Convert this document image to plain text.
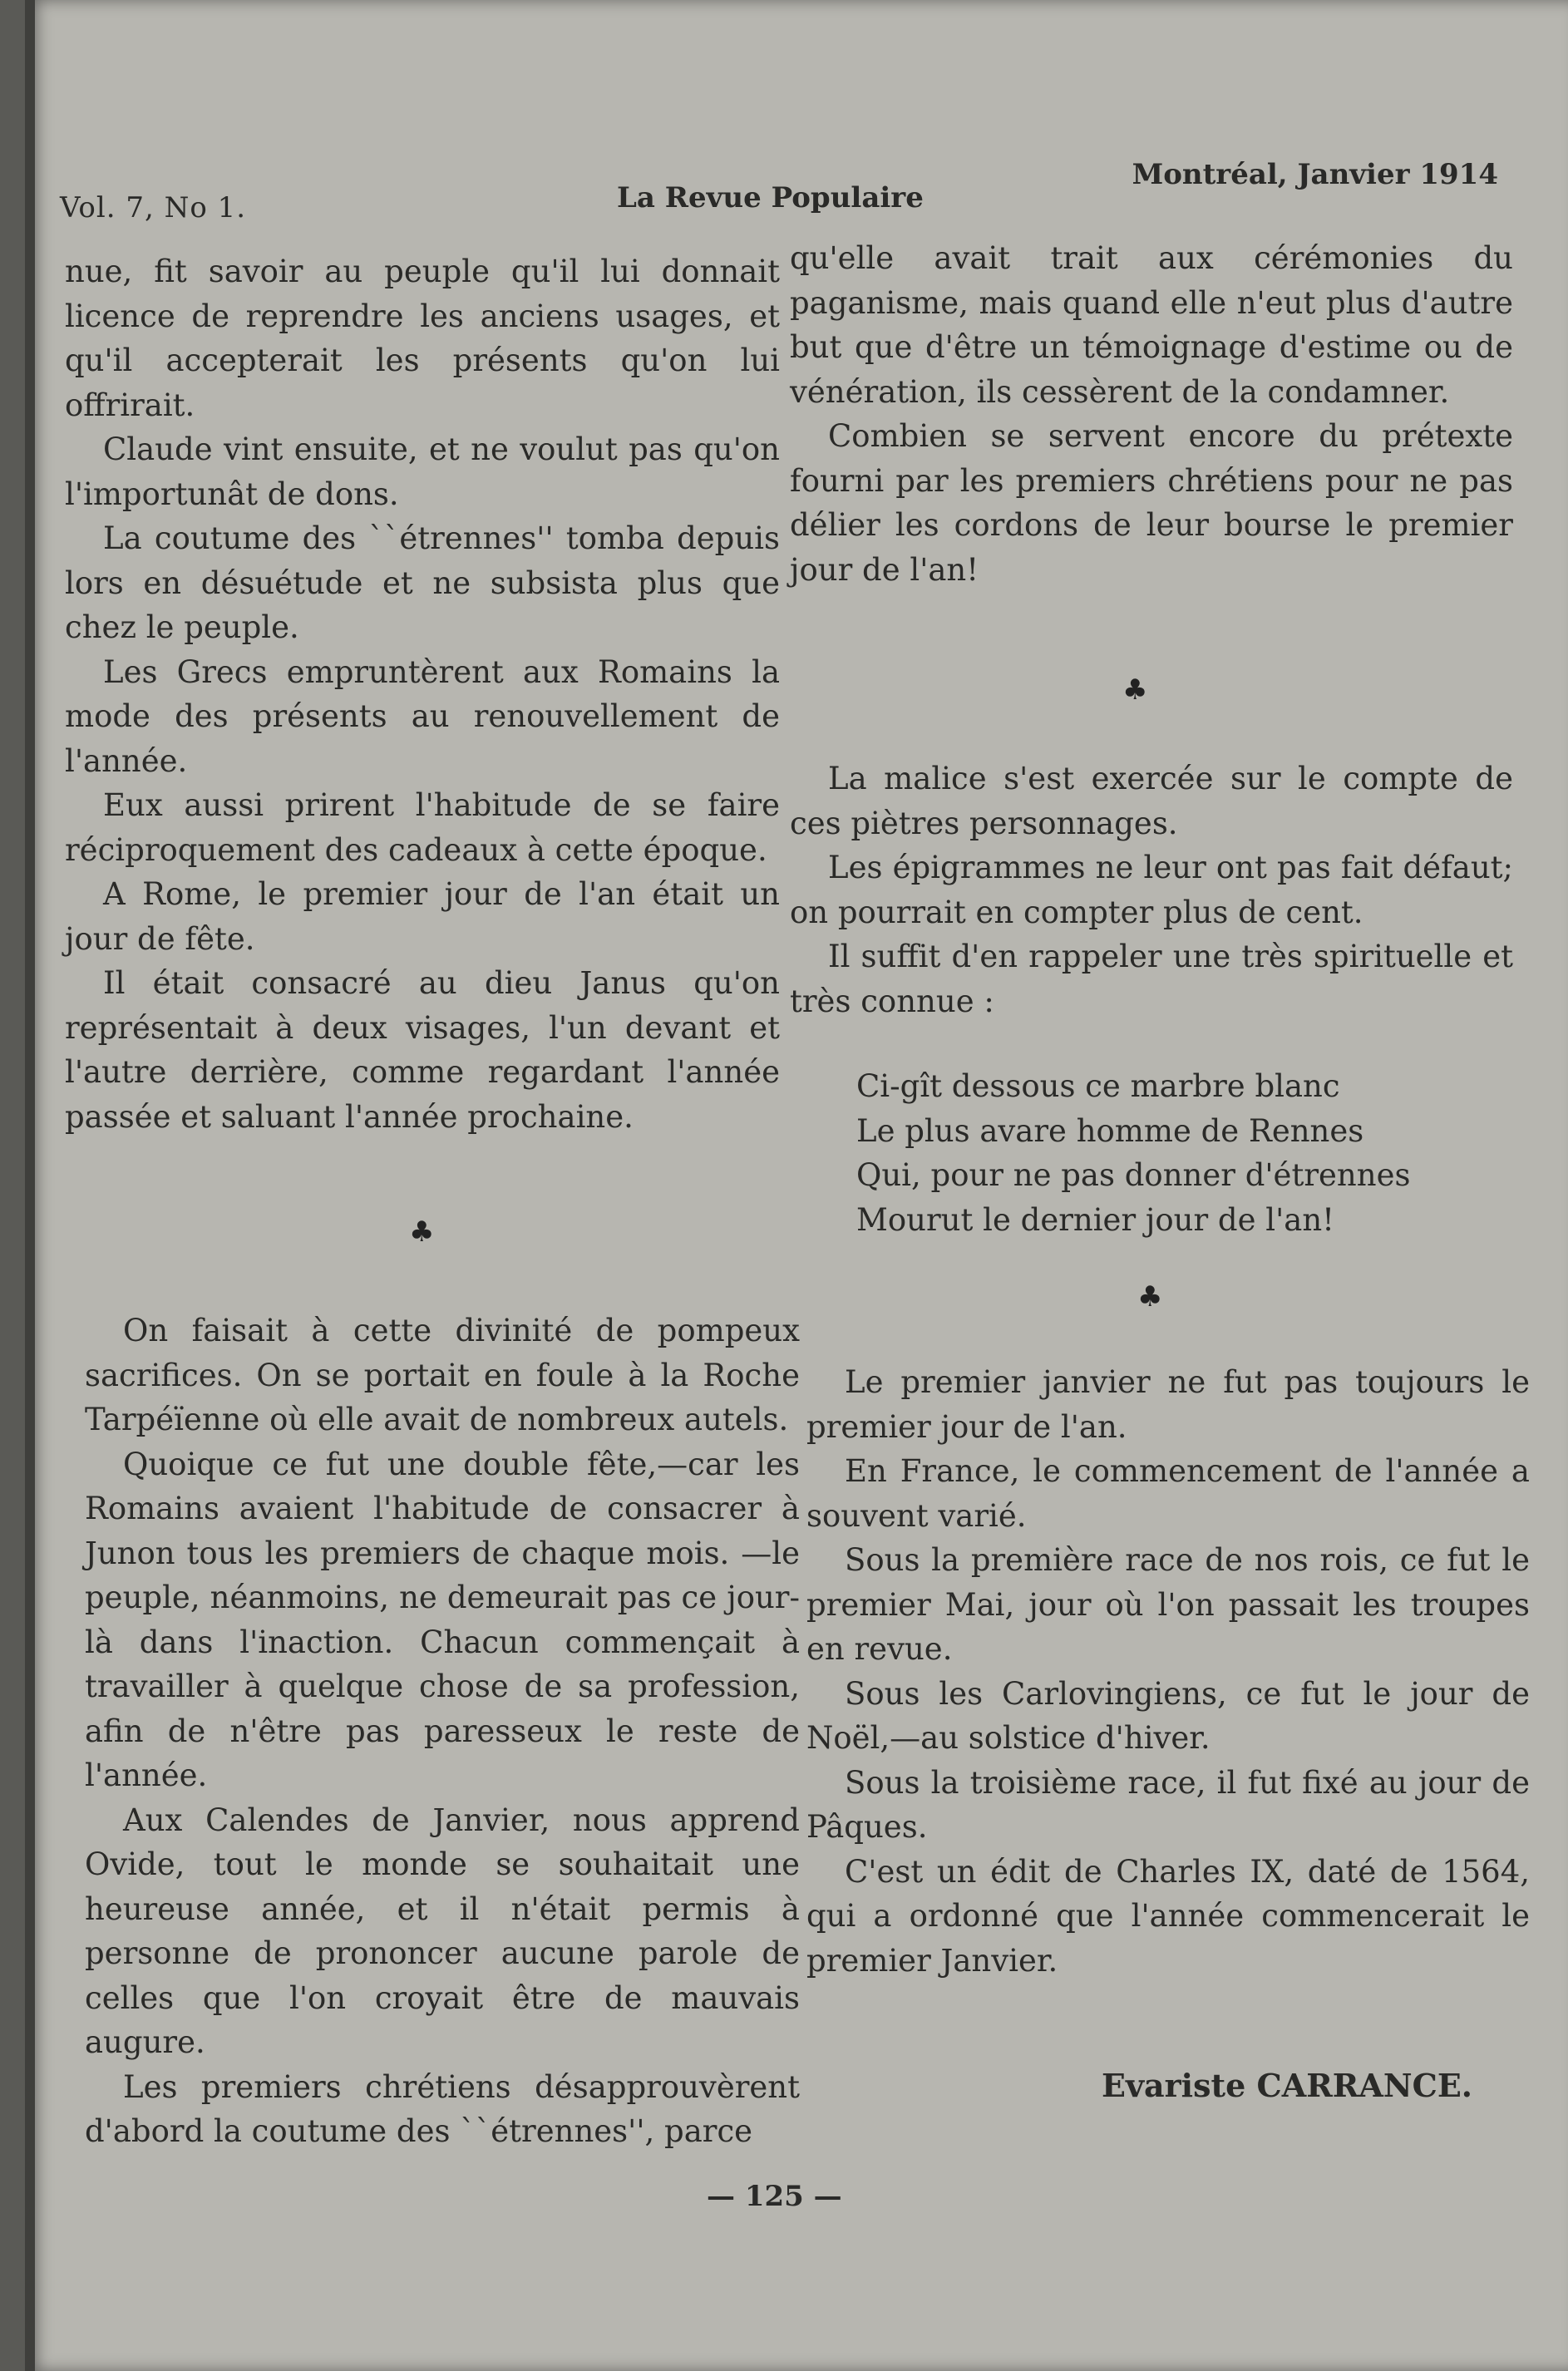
Vol. 7, No 1.	La Revue Populaire
Montréal, Janvier 1914

nue, fit savoir au peuple qu'il lui donnait licence de reprendre les anciens usages, et qu'il accepterait les présents qu'on lui offrirait.

Claude vint ensuite, et ne voulut pas qu'on l'importunât de dons.

La coutume des ``étrennes'' tomba depuis lors en désuétude et ne subsista plus que chez le peuple.

Les Grecs empruntèrent aux Romains la mode des présents au renouvellement de l'année.

Eux aussi prirent l'habitude de se faire réciproquement des cadeaux à cette époque.

A Rome, le premier jour de l'an était un jour de fête.

Il était consacré au dieu Janus qu'on représentait à deux visages, l'un devant et l'autre derrière, comme regardant l'année passée et saluant l'année prochaine.

♣

On faisait à cette divinité de pompeux sacrifices. On se portait en foule à la Roche Tarpéïenne où elle avait de nombreux autels.

Quoique ce fut une double fête,—car les Romains avaient l'habitude de consacrer à Junon tous les premiers de chaque mois. —le peuple, néanmoins, ne demeurait pas ce jour-là dans l'inaction. Chacun commençait à travailler à quelque chose de sa profession, afin de n'être pas paresseux le reste de l'année.

Aux Calendes de Janvier, nous apprend Ovide, tout le monde se souhaitait une heureuse année, et il n'était permis à personne de prononcer aucune parole de celles que l'on croyait être de mauvais augure.

Les premiers chrétiens désapprouvèrent d'abord la coutume des ``étrennes'', parce

qu'elle avait trait aux cérémonies du paganisme, mais quand elle n'eut plus d'autre but que d'être un témoignage d'estime ou de vénération, ils cessèrent de la condamner.

Combien se servent encore du prétexte fourni par les premiers chrétiens pour ne pas délier les cordons de leur bourse le premier jour de l'an!

♣

La malice s'est exercée sur le compte de ces piètres personnages.

Les épigrammes ne leur ont pas fait défaut; on pourrait en compter plus de cent.

Il suffit d'en rappeler une très spirituelle et très connue :

Ci-gît dessous ce marbre blanc
Le plus avare homme de Rennes
Qui, pour ne pas donner d'étrennes
Mourut le dernier jour de l'an!
♣

Le premier janvier ne fut pas toujours le premier jour de l'an.

En France, le commencement de l'année a souvent varié.

Sous la première race de nos rois, ce fut le premier Mai, jour où l'on passait les troupes en revue.

Sous les Carlovingiens, ce fut le jour de Noël,—au solstice d'hiver.

Sous la troisième race, il fut fixé au jour de Pâques.

C'est un édit de Charles IX, daté de 1564, qui a ordonné que l'année commencerait le premier Janvier.

Evariste CARRANCE.
— 125 —
